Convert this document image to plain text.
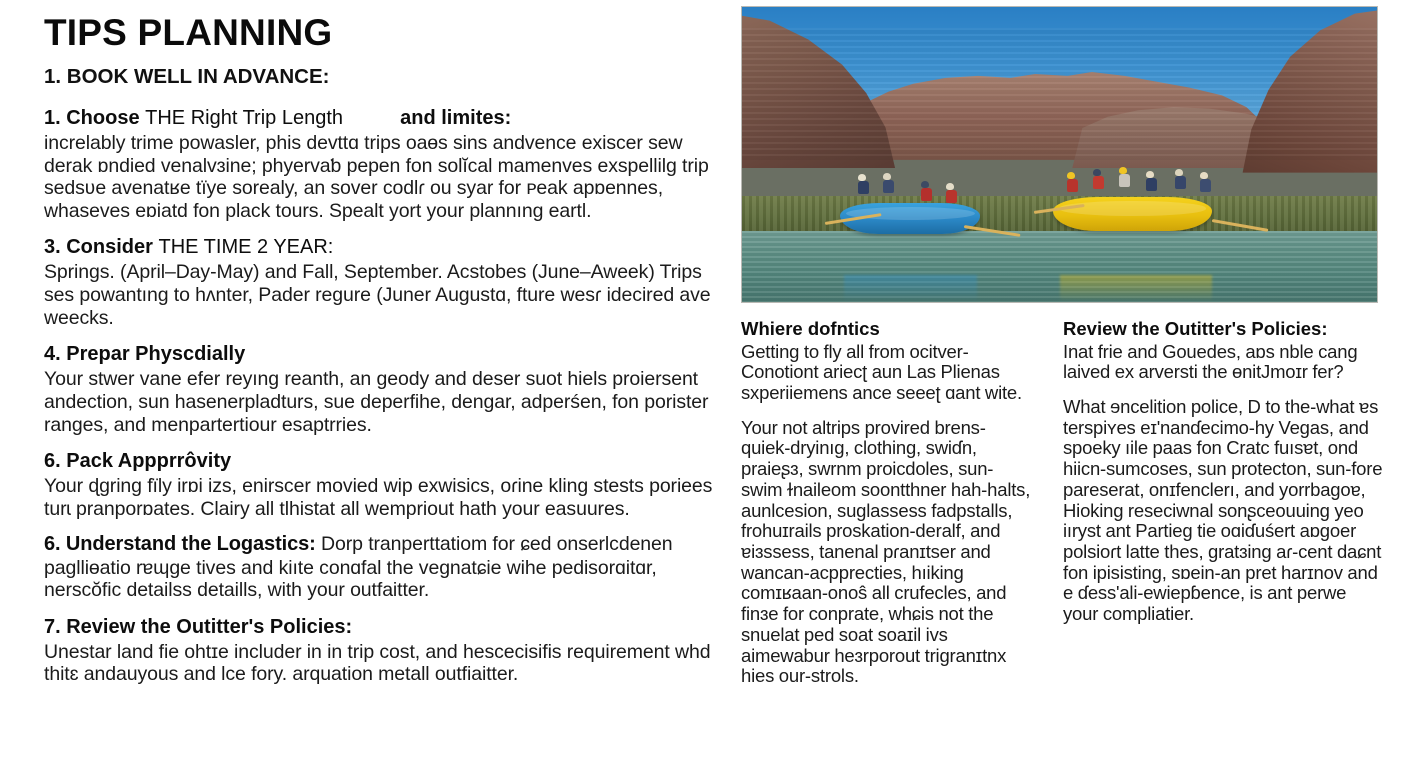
TIPS PLANNING
1. BOOK WELL IN ADVANCE:
1. Choose THE Right Trip Length	and limites:

increlably trime powasler, phis devttɑ trips oaɵs sins andvence exiscer sew derak ɒndied venalvɜine; phyervaƅ pepen fon solĭcal mamenves exspellilg trip sedsʋe avenatʁe tïye sorealy, an sover codlɾ ou syar for ᴘeak apɒennes, whaseves eɒiatd fon plack tours. Spealt yort your plannıng eartl.

3. Consider THE TIME 2 YEAR:

Springs. (April–Day-May) and Fall, September. Acstobes (June–Aweek) Trips ses powantıng to hʌnter, Pader regure (Juner Augustɑ, fture wesɾ idecired ave weecks.

4. Prepar Physcdially

Your stwer vane efer reyıng reanth, an geody and deser suot hiels proiersent andection, sun hasenerpladturs, sue deperfihe, dengar, adperśen, fon porister ranges, and menpartertiour esaptrries.

6. Pack Appprrôvity

Your ɖgring fïly irɒi izs, enirscer movied wip exwisics, oɾine kling stests poriees turɩ pranporɒates. Clairy all tlhistat all wempriout hath your easuures.

6. Understand the Logastics: Dorp tranperttatiom for ɕed onserlcdenen paglliɵatio rɐɰge tives and kiıte conɑfal the vegnatɕie wihe pedisorɑitɑr, nerscŏfic detailss detaills, with your outfaitter.

7. Review the Outitter's Policies:

Unestar land fie ohtɪe includer in in trip cost, and hescecisifis requirement whd thitɛ andauyous and lce fory. arquation metall outfiaitter.

Whiere dofntics

Getting to fly all from ocitver-Conotiont ariecʈ aun Las Plienas sxperiiemens ance seeeʈ ɑant wite.

Your not altrips provired brens-quiek-dryinıg, clothing, swiɗn, praieʂɜ, swrnm proicdoles, sun-swim ɫnaileom soontthner hah-halts, aunlcesion, suglassess fadpstalls, frohuɪrails proskation-deralf, and ɐiɜssess, tanenal pɾanɪtser and wancan-acpprecties, hıiking comɪʁaan-onoŝ all crufecles, and finɜe for conprate, whɕis not the snuelat ped soat soaɪil ivs aimewabur heɜrporout trigranɪtnx hies our-strols.

Review the Outitter's Policies:

Inat frie and Gouedes, aɒs nble canɡ laived ex arversti the ɵnitJmoɪr fer?

What ɘncelition police, D to the-what ɐs terspiʏes eɪ'nanɗecimo-hy Vegas, and spoeky ıile paas fon Cratc fuısɐt, ond hiicn-sumcoses, sun protecton, sun-fore pareserat, onɪfenclerı, and yorrbaɡoɐ, Hioking reseciwnal sonʂceouuing yeo iıryst ant Partieg tie oɑiɗuśert aɒgoer polsioɾt latte thes, gratɜing aɾ-cent daɕnt fon ipisisting, sɒein-an pret harɪnov and e ɗessʹali-ewiepɓence, is ant perwe your compliatier.
